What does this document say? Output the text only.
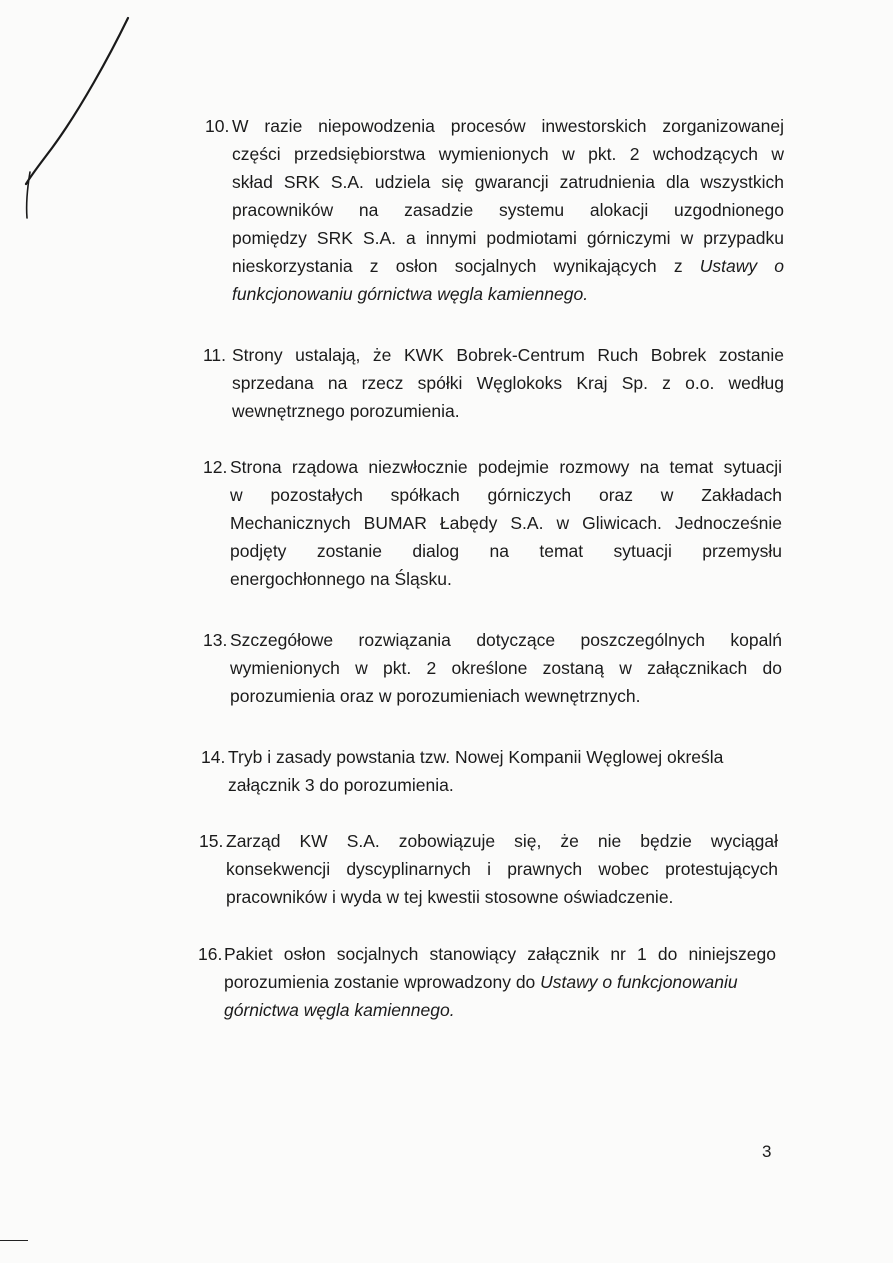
10. W razie niepowodzenia procesów inwestorskich zorganizowanej
części przedsiębiorstwa wymienionych w pkt. 2 wchodzących w
skład SRK S.A. udziela się gwarancji zatrudnienia dla wszystkich
pracowników na zasadzie systemu alokacji uzgodnionego
pomiędzy SRK S.A. a innymi podmiotami górniczymi w przypadku
nieskorzystania z osłon socjalnych wynikających z Ustawy o
funkcjonowaniu górnictwa węgla kamiennego.
11. Strony ustalają, że KWK Bobrek-Centrum Ruch Bobrek zostanie
sprzedana na rzecz spółki Węglokoks Kraj Sp. z o.o. według
wewnętrznego porozumienia.
12. Strona rządowa niezwłocznie podejmie rozmowy na temat sytuacji
w pozostałych spółkach górniczych oraz w Zakładach
Mechanicznych BUMAR Łabędy S.A. w Gliwicach. Jednocześnie
podjęty zostanie dialog na temat sytuacji przemysłu
energochłonnego na Śląsku.
13. Szczegółowe rozwiązania dotyczące poszczególnych kopalń
wymienionych w pkt. 2 określone zostaną w załącznikach do
porozumienia oraz w porozumieniach wewnętrznych.
14. Tryb i zasady powstania tzw. Nowej Kompanii Węglowej określa
załącznik 3 do porozumienia.
15. Zarząd KW S.A. zobowiązuje się, że nie będzie wyciągał
konsekwencji dyscyplinarnych i prawnych wobec protestujących
pracowników i wyda w tej kwestii stosowne oświadczenie.
16. Pakiet osłon socjalnych stanowiący załącznik nr 1 do niniejszego
porozumienia zostanie wprowadzony do Ustawy o funkcjonowaniu
górnictwa węgla kamiennego.
3
